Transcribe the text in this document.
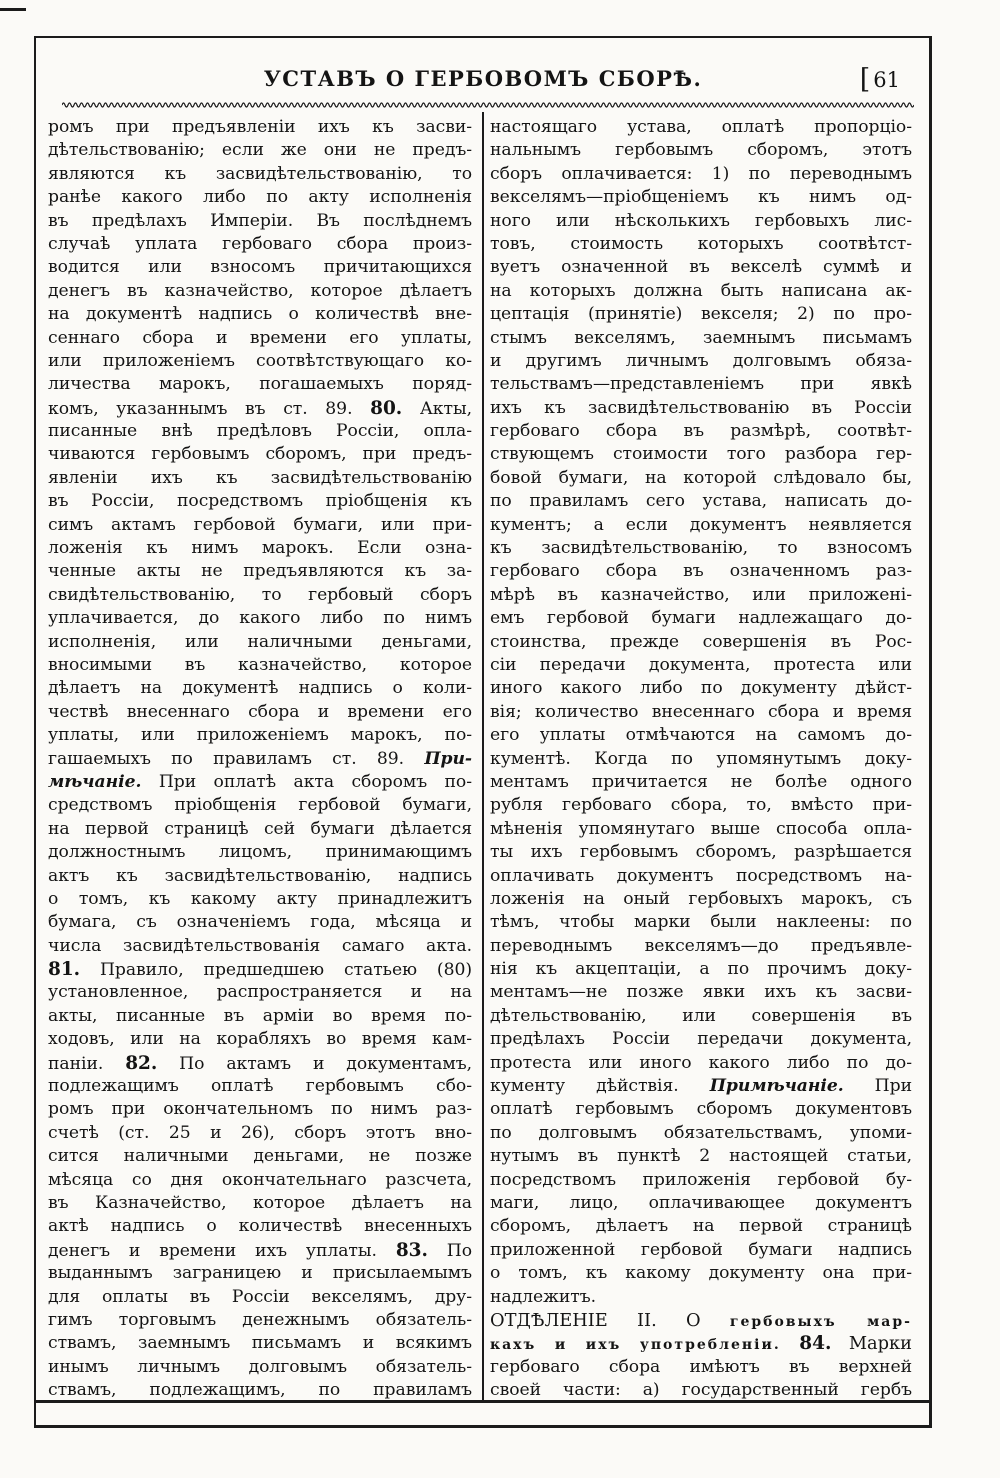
УСТАВЪ О ГЕРБОВОМЪ СБОРѢ.	[ 61
ромъ при предъявленіи ихъ къ засви-
дѣтельствованію; если же они не предъ-
являются къ засвидѣтельствованію, то
ранѣе какого либо по акту исполненія
въ предѣлахъ Имперіи. Въ послѣднемъ
случаѣ уплата гербоваго сбора произ-
водится или взносомъ причитающихся
денегъ въ казначейство, которое дѣлаетъ
на документѣ надпись о количествѣ вне-
сеннаго сбора и времени его уплаты,
или приложеніемъ соотвѣтствующаго ко-
личества марокъ, погашаемыхъ поряд-
комъ, указаннымъ въ ст. 89. 80. Акты,
писанные внѣ предѣловъ Россіи, опла-
чиваются гербовымъ сборомъ, при предъ-
явленіи ихъ къ засвидѣтельствованію
въ Россіи, посредствомъ пріобщенія къ
симъ актамъ гербовой бумаги, или при-
ложенія къ нимъ марокъ. Если озна-
ченные акты не предъявляются къ за-
свидѣтельствованію, то гербовый сборъ
уплачивается, до какого либо по нимъ
исполненія, или наличными деньгами,
вносимыми въ казначейство, которое
дѣлаетъ на документѣ надпись о коли-
чествѣ внесеннаго сбора и времени его
уплаты, или приложеніемъ марокъ, по-
гашаемыхъ по правиламъ ст. 89. При-
мѣчаніе. При оплатѣ акта сборомъ по-
средствомъ пріобщенія гербовой бумаги,
на первой страницѣ сей бумаги дѣлается
должностнымъ лицомъ, принимающимъ
актъ къ засвидѣтельствованію, надпись
о томъ, къ какому акту принадлежитъ
бумага, съ означеніемъ года, мѣсяца и
числа засвидѣтельствованія самаго акта.
81. Правило, предшедшею статьею (80)
установленное, распространяется и на
акты, писанные въ арміи во время по-
ходовъ, или на корабляхъ во время кам-
паніи. 82. По актамъ и документамъ,
подлежащимъ оплатѣ гербовымъ сбо-
ромъ при окончательномъ по нимъ раз-
счетѣ (ст. 25 и 26), сборъ этотъ вно-
сится наличными деньгами, не позже
мѣсяца со дня окончательнаго разсчета,
въ Казначейство, которое дѣлаетъ на
актѣ надпись о количествѣ внесенныхъ
денегъ и времени ихъ уплаты. 83. По
выданнымъ заграницею и присылаемымъ
для оплаты въ Россіи векселямъ, дру-
гимъ торговымъ денежнымъ обязатель-
ствамъ, заемнымъ письмамъ и всякимъ
инымъ личнымъ долговымъ обязатель-
ствамъ, подлежащимъ, по правиламъ
настоящаго устава, оплатѣ пропорціо-
нальнымъ гербовымъ сборомъ, этотъ
сборъ оплачивается: 1) по переводнымъ
векселямъ—пріобщеніемъ къ нимъ од-
ного или нѣсколькихъ гербовыхъ лис-
товъ, стоимость которыхъ соотвѣтст-
вуетъ означенной въ векселѣ суммѣ и
на которыхъ должна быть написана ак-
цептація (принятіе) векселя; 2) по про-
стымъ векселямъ, заемнымъ письмамъ
и другимъ личнымъ долговымъ обяза-
тельствамъ—представленіемъ при явкѣ
ихъ къ засвидѣтельствованію въ Россіи
гербоваго сбора въ размѣрѣ, соотвѣт-
ствующемъ стоимости того разбора гер-
бовой бумаги, на которой слѣдовало бы,
по правиламъ сего устава, написать до-
кументъ; а если документъ неявляется
къ засвидѣтельствованію, то взносомъ
гербоваго сбора въ означенномъ раз-
мѣрѣ въ казначейство, или приложені-
емъ гербовой бумаги надлежащаго до-
стоинства, прежде совершенія въ Рос-
сіи передачи документа, протеста или
иного какого либо по документу дѣйст-
вія; количество внесеннаго сбора и время
его уплаты отмѣчаются на самомъ до-
кументѣ. Когда по упомянутымъ доку-
ментамъ причитается не болѣе одного
рубля гербоваго сбора, то, вмѣсто при-
мѣненія упомянутаго выше способа опла-
ты ихъ гербовымъ сборомъ, разрѣшается
оплачивать документъ посредствомъ на-
ложенія на оный гербовыхъ марокъ, съ
тѣмъ, чтобы марки были наклеены: по
переводнымъ векселямъ—до предъявле-
нія къ акцептаціи, а по прочимъ доку-
ментамъ—не позже явки ихъ къ засви-
дѣтельствованію, или совершенія въ
предѣлахъ Россіи передачи документа,
протеста или иного какого либо по до-
кументу дѣйствія. Примѣчаніе. При
оплатѣ гербовымъ сборомъ документовъ
по долговымъ обязательствамъ, упоми-
нутымъ въ пунктѣ 2 настоящей статьи,
посредствомъ приложенія гербовой бу-
маги, лицо, оплачивающее документъ
сборомъ, дѣлаетъ на первой страницѣ
приложенной гербовой бумаги надпись
о томъ, къ какому документу она при-
надлежитъ.
ОТДѢЛЕНІЕ II. О гербовыхъ мар-
кахъ и ихъ употребленіи. 84. Марки
гербоваго сбора имѣютъ въ верхней
своей части: а) государственный гербъ
